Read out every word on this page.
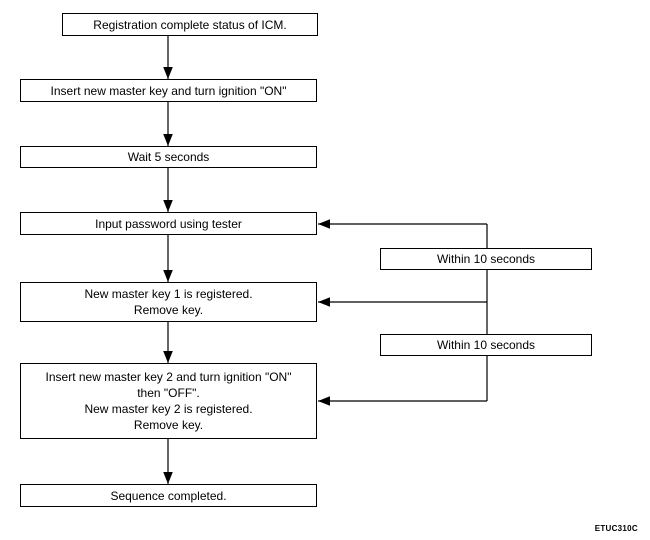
Registration complete status of ICM.
Insert new master key and turn ignition "ON"
Wait 5 seconds
Input password using tester
New master key 1 is registered.
Remove key.
Insert new master key 2 and turn ignition "ON"
then "OFF".
New master key 2 is registered.
Remove key.
Sequence completed.
Within 10 seconds
Within 10 seconds
ETUC310C
